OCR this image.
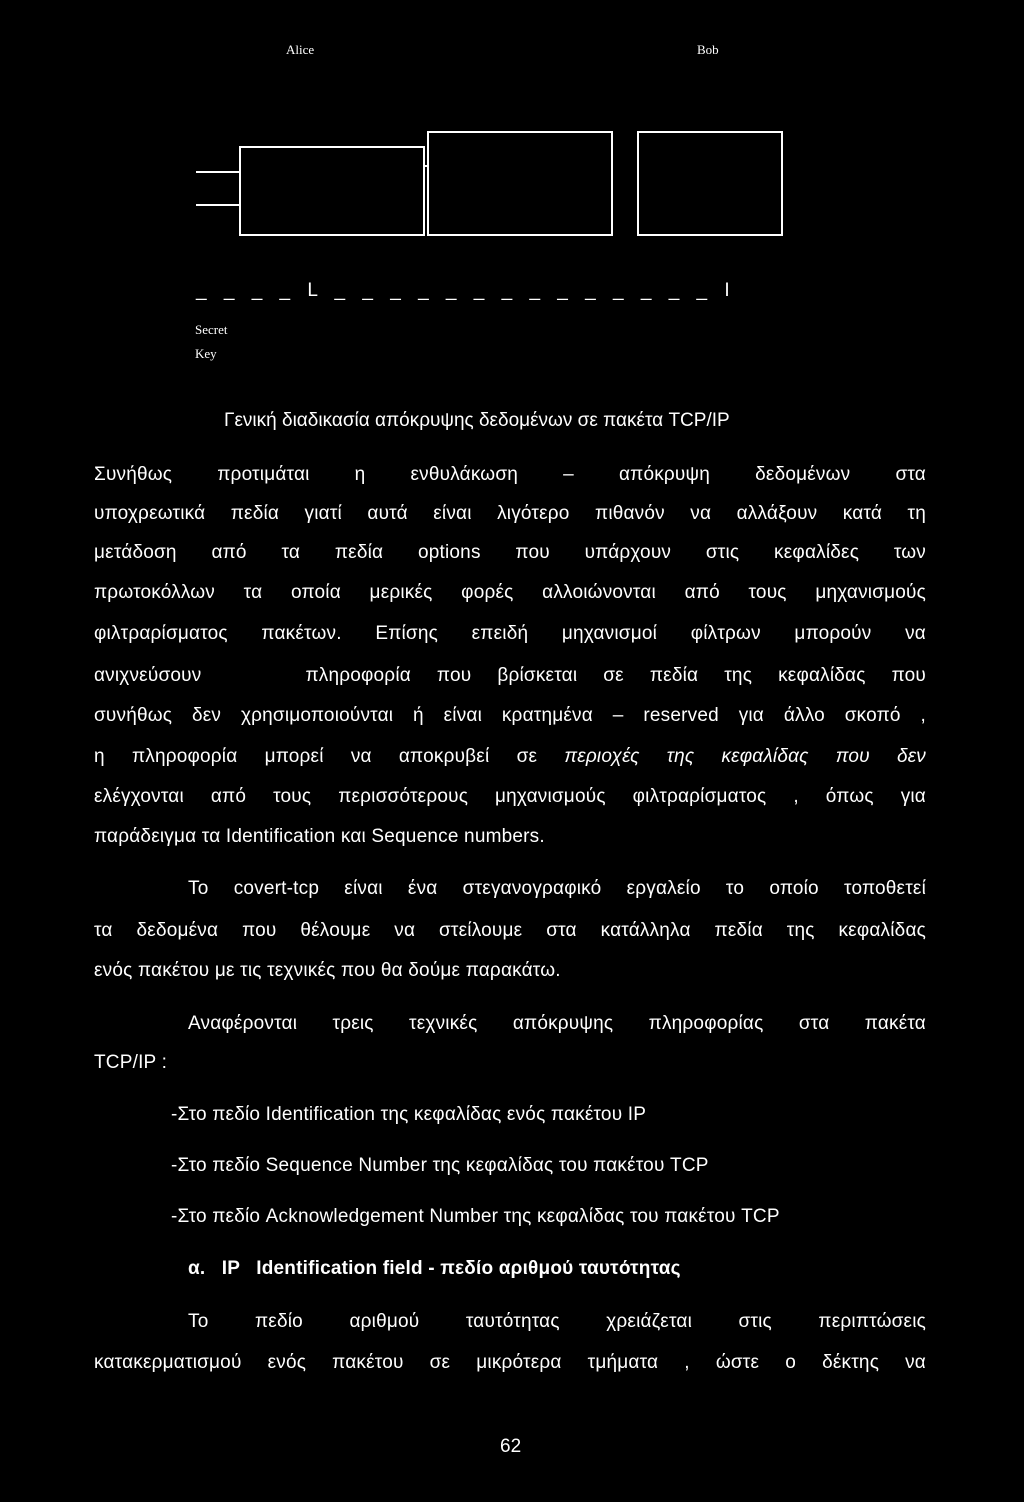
Alice	Bob
_ _ _ _ L _ _ _ _ _ _ _ _ _ _ _ _ _ _ I
Secret
Key
Γενική διαδικασία απόκρυψης δεδομένων σε πακέτα TCP/IP
Συνήθως προτιμάται η ενθυλάκωση – απόκρυψη δεδομένων στα
υποχρεωτικά πεδία γιατί αυτά είναι λιγότερο πιθανόν να αλλάξουν κατά τη
μετάδοση από τα πεδία options που υπάρχουν στις κεφαλίδες των
πρωτοκόλλων τα οποία μερικές φορές αλλοιώνονται από τους μηχανισμούς
φιλτραρίσματος πακέτων. Επίσης επειδή μηχανισμοί φίλτρων μπορούν να
ανιχνεύσουν    πληροφορία που βρίσκεται σε πεδία της κεφαλίδας που
συνήθως δεν χρησιμοποιούνται ή είναι κρατημένα – reserved για άλλο σκοπό ,
η πληροφορία μπορεί να αποκρυβεί σε περιοχές της κεφαλίδας που δεν
ελέγχονται από τους περισσότερους μηχανισμούς φιλτραρίσματος , όπως για
παράδειγμα τα Identification και Sequence numbers.
Το covert-tcp είναι ένα στεγανογραφικό εργαλείο το οποίο τοποθετεί
τα δεδομένα που θέλουμε να στείλουμε στα κατάλληλα πεδία της κεφαλίδας
ενός πακέτου με τις τεχνικές που θα δούμε παρακάτω.
Αναφέρονται τρεις τεχνικές απόκρυψης πληροφορίας στα πακέτα
TCP/IP :
-Στο πεδίο Identification της κεφαλίδας ενός πακέτου IP
-Στο πεδίο Sequence Number της κεφαλίδας του πακέτου TCP
-Στο πεδίο Acknowledgement Number της κεφαλίδας του πακέτου TCP
α. IP   Identification field - πεδίο αριθμού ταυτότητας
Το πεδίο αριθμού ταυτότητας χρειάζεται στις περιπτώσεις
κατακερματισμού ενός πακέτου σε μικρότερα τμήματα , ώστε ο δέκτης να
62
